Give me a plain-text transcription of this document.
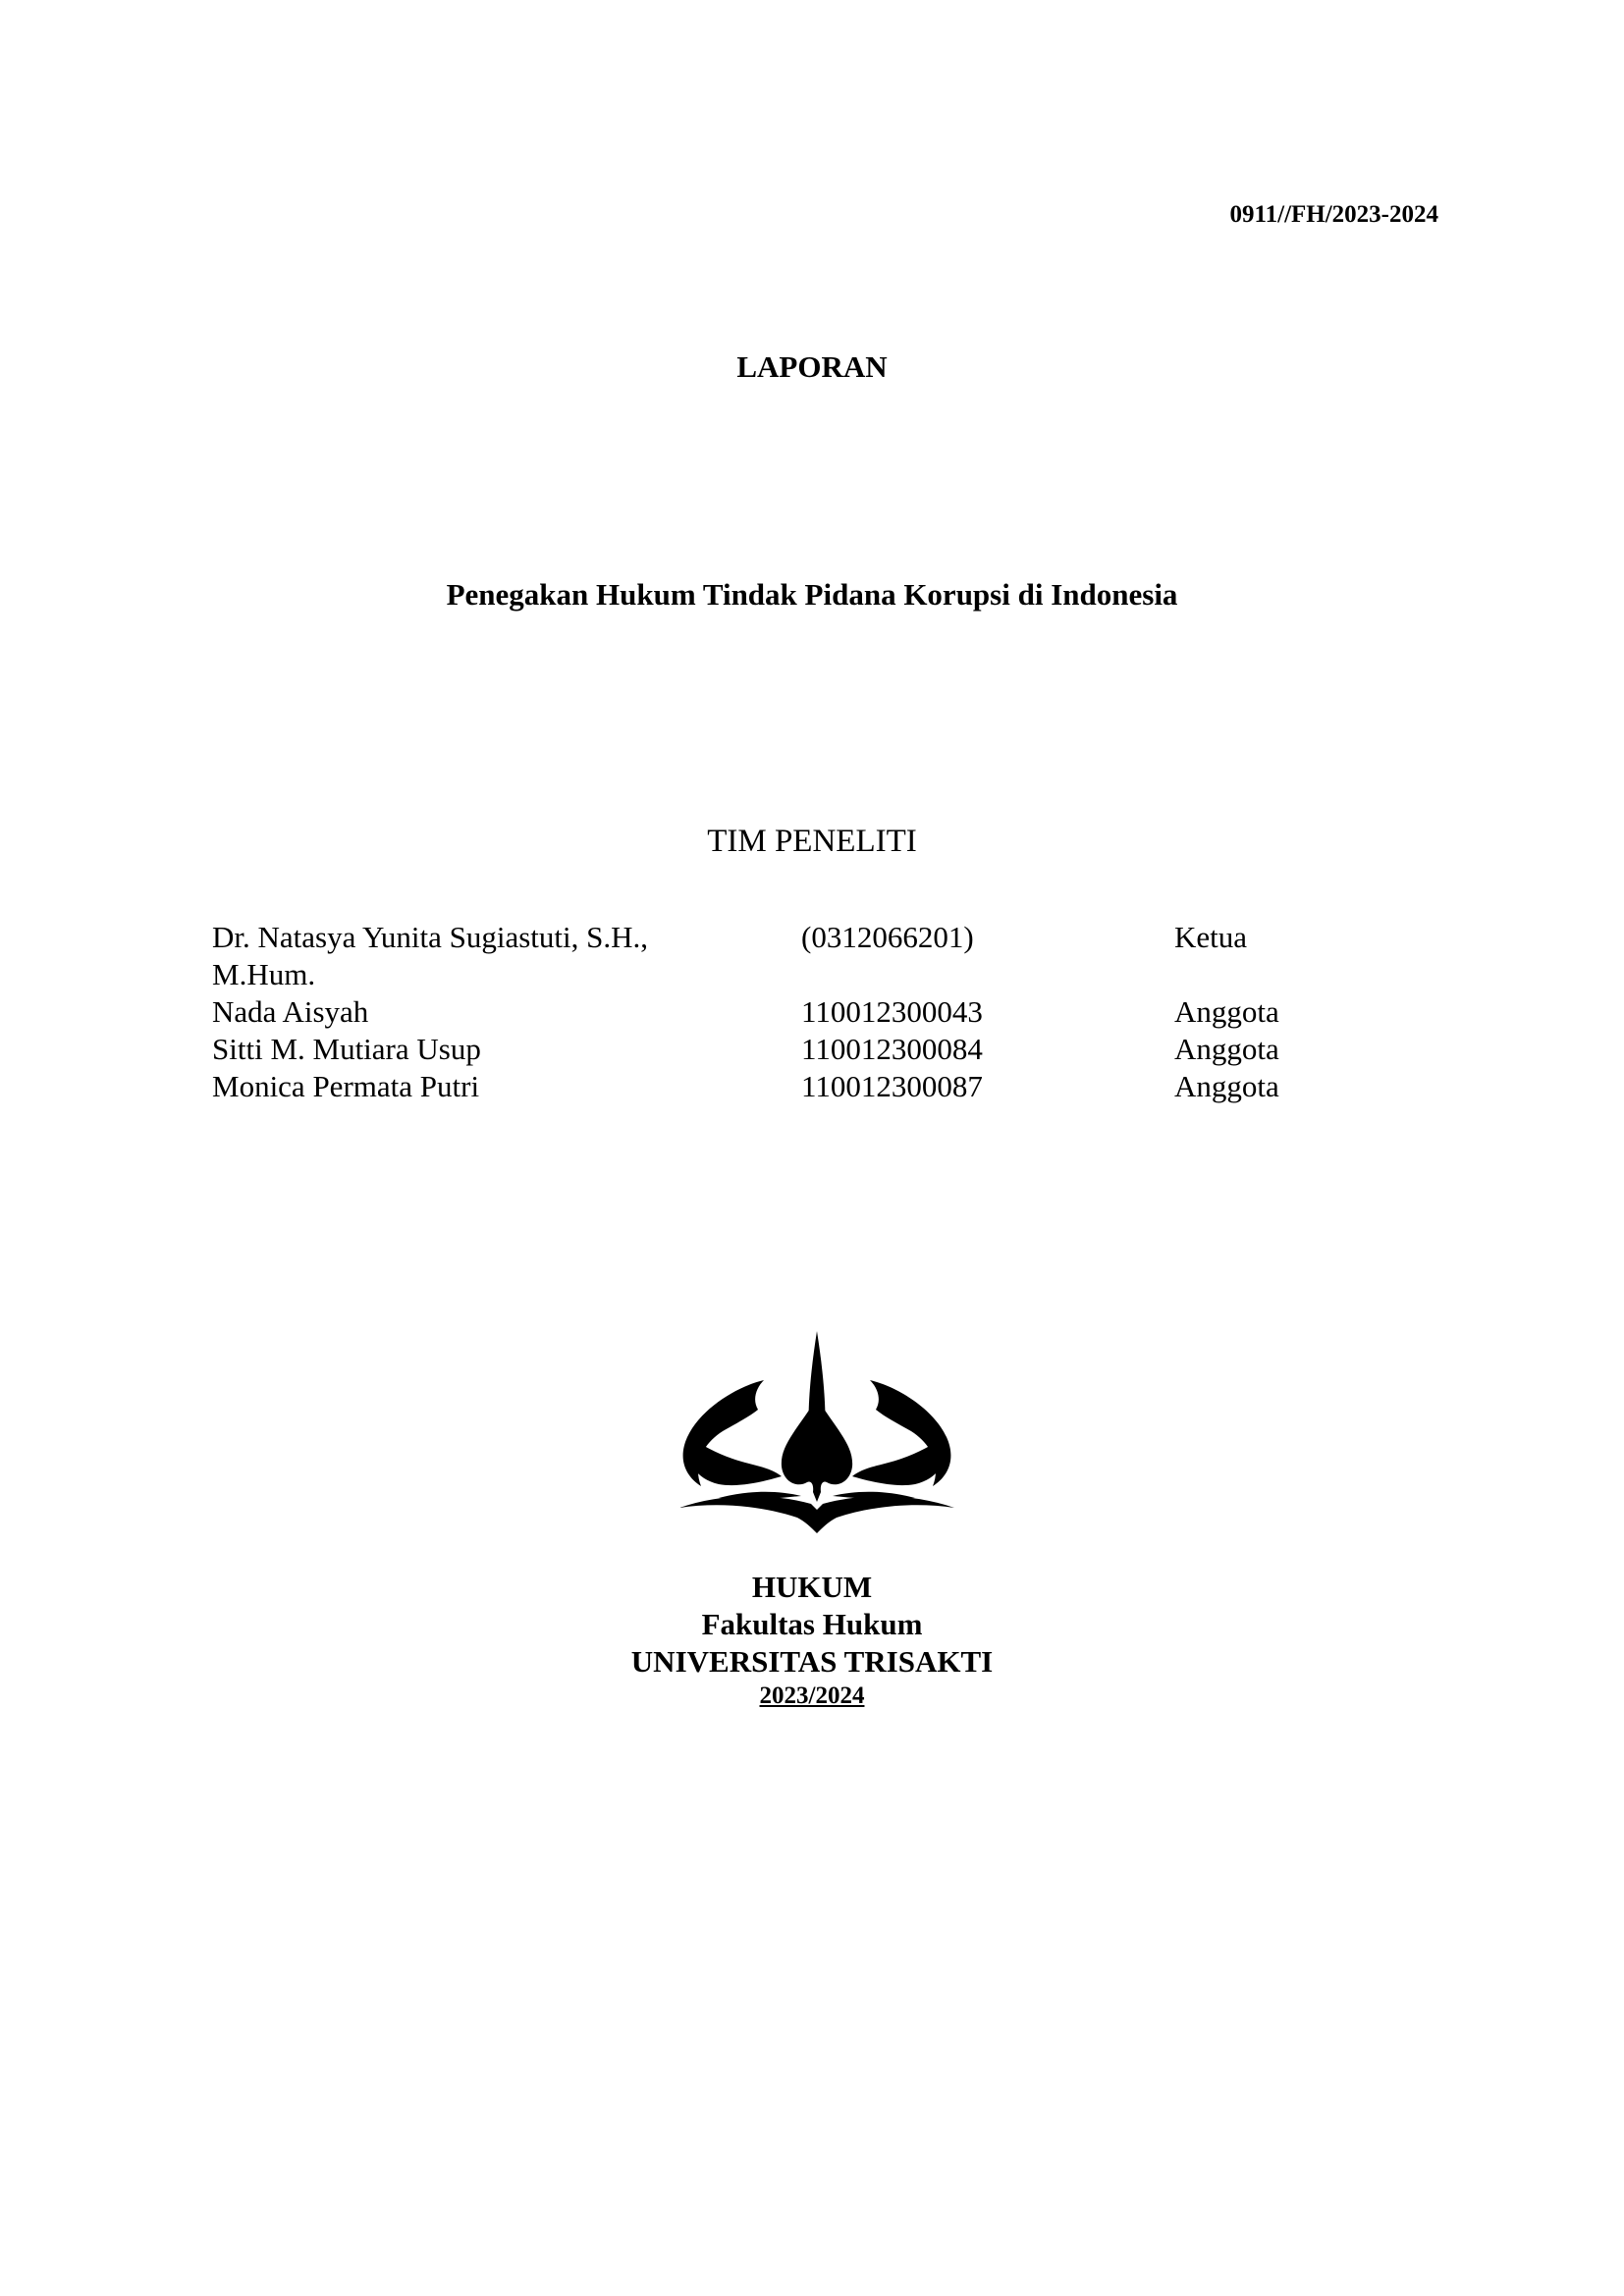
0911//FH/2023-2024
LAPORAN
Penegakan Hukum Tindak Pidana Korupsi di Indonesia
TIM PENELITI
Dr. Natasya Yunita Sugiastuti, S.H.,	(0312066201)	Ketua
M.Hum.		
Nada Aisyah	110012300043	Anggota
Sitti M. Mutiara Usup	110012300084	Anggota
Monica Permata Putri	110012300087	Anggota
HUKUM
Fakultas Hukum
UNIVERSITAS TRISAKTI
2023/2024
